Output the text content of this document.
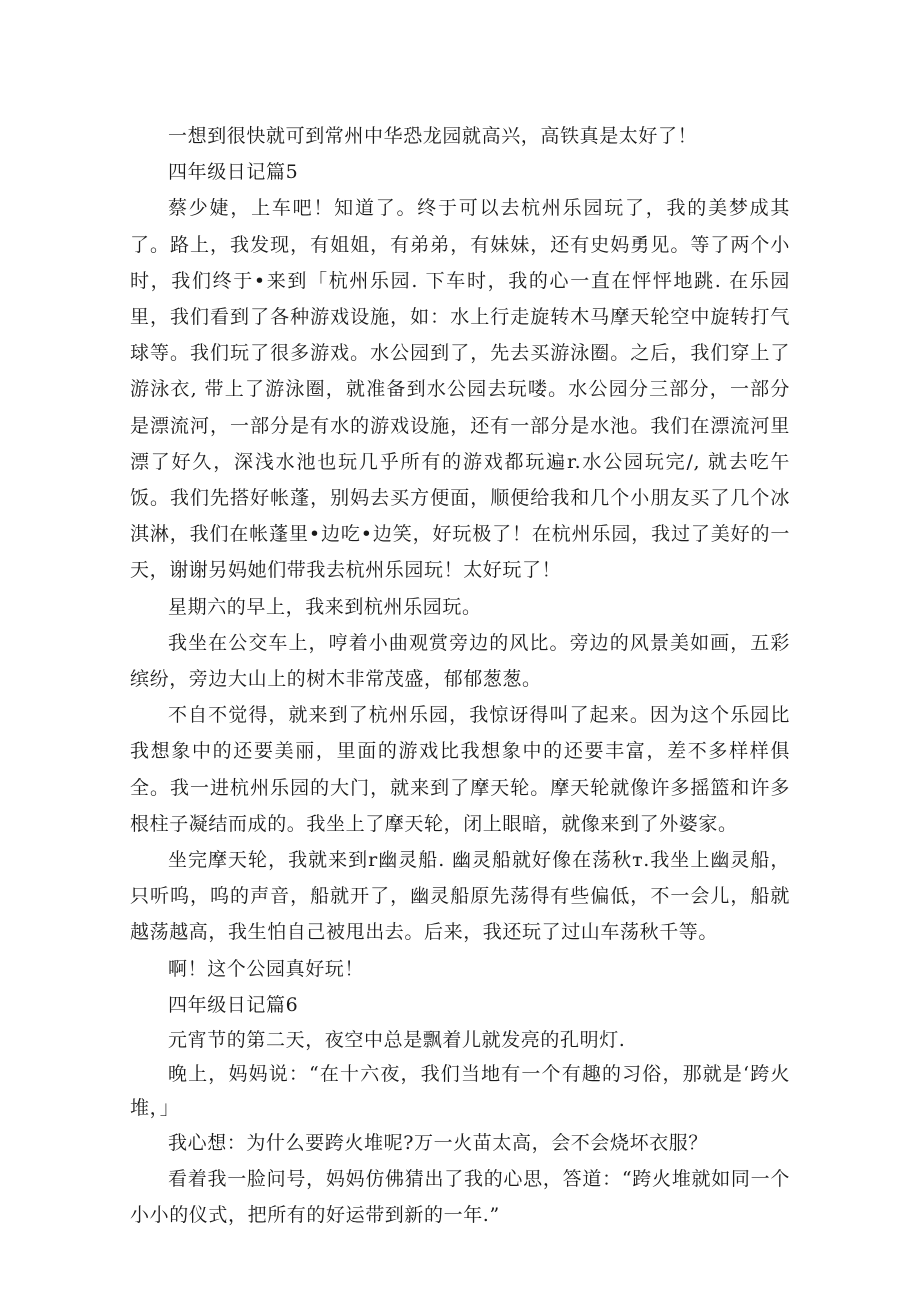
一想到很快就可到常州中华恐龙园就高兴，高铁真是太好了！

四年级日记篇5

蔡少婕，上车吧！知道了。终于可以去杭州乐园玩了，我的美梦成其了。路上，我发现，有姐姐，有弟弟，有妹妹，还有史妈勇见。等了两个小时，我们终于•来到「杭州乐园. 下车时，我的心一直在怦怦地跳. 在乐园里，我们看到了各种游戏设施，如：水上行走旋转木马摩天轮空中旋转打气球等。我们玩了很多游戏。水公园到了，先去买游泳圈。之后，我们穿上了游泳衣, 带上了游泳圈，就准备到水公园去玩喽。水公园分三部分，一部分是漂流河，一部分是有水的游戏设施，还有一部分是水池。我们在漂流河里漂了好久，深浅水池也玩几乎所有的游戏都玩遍r.水公园玩完/, 就去吃午饭。我们先搭好帐蓬，别妈去买方便面，顺便给我和几个小朋友买了几个冰淇淋，我们在帐蓬里•边吃•边笑，好玩极了！在杭州乐园，我过了美好的一天，谢谢另妈她们带我去杭州乐园玩！太好玩了！

星期六的早上，我来到杭州乐园玩。

我坐在公交车上，哼着小曲观赏旁边的风比。旁边的风景美如画，五彩缤纷，旁边大山上的树木非常茂盛，郁郁葱葱。

不自不觉得，就来到了杭州乐园，我惊讶得叫了起来。因为这个乐园比我想象中的还要美丽，里面的游戏比我想象中的还要丰富，差不多样样俱全。我一进杭州乐园的大门，就来到了摩天轮。摩天轮就像许多摇篮和许多根柱子凝结而成的。我坐上了摩天轮，闭上眼暗，就像来到了外婆家。

坐完摩天轮，我就来到r幽灵船. 幽灵船就好像在荡秋т.我坐上幽灵船，只听呜，呜的声音，船就开了，幽灵船原先荡得有些偏低，不一会儿，船就越荡越高，我生怕自己被甩出去。后来，我还玩了过山车荡秋千等。

啊！这个公园真好玩！

四年级日记篇6

元宵节的第二天，夜空中总是飘着儿就发亮的孔明灯.

晚上，妈妈说：“在十六夜，我们当地有一个有趣的习俗，那就是‘跨火堆，」

我心想：为什么要跨火堆呢?万一火苗太高，会不会烧坏衣服？

看着我一脸问号，妈妈仿佛猜出了我的心思，答道：“跨火堆就如同一个小小的仪式，把所有的好运带到新的一年.”
